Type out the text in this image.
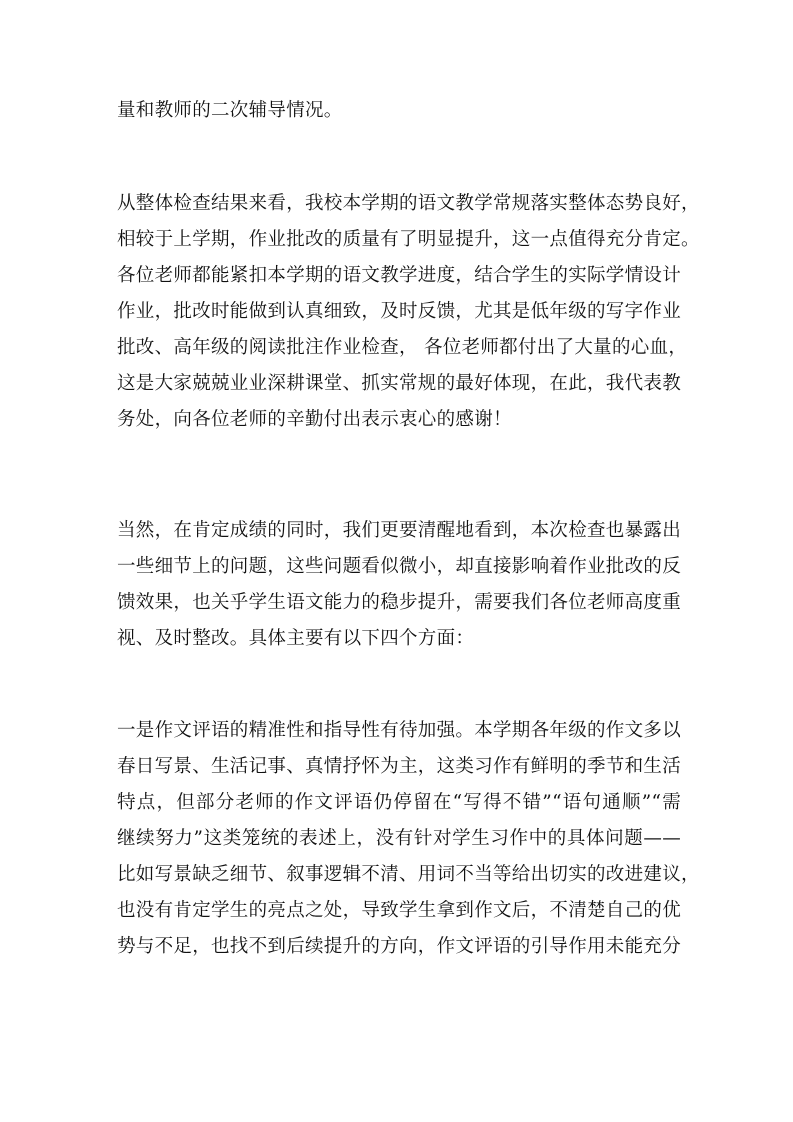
量和教师的二次辅导情况。
从整体检查结果来看，我校本学期的语文教学常规落实整体态势良好，
相较于上学期，作业批改的质量有了明显提升，这一点值得充分肯定。
各位老师都能紧扣本学期的语文教学进度，结合学生的实际学情设计
作业，批改时能做到认真细致，及时反馈，尤其是低年级的写字作业
批改、高年级的阅读批注作业检查， 各位老师都付出了大量的心血，
这是大家兢兢业业深耕课堂、抓实常规的最好体现，在此，我代表教
务处，向各位老师的辛勤付出表示衷心的感谢！
当然，在肯定成绩的同时，我们更要清醒地看到，本次检查也暴露出
一些细节上的问题，这些问题看似微小，却直接影响着作业批改的反
馈效果，也关乎学生语文能力的稳步提升，需要我们各位老师高度重
视、及时整改。具体主要有以下四个方面：
一是作文评语的精准性和指导性有待加强。本学期各年级的作文多以
春日写景、生活记事、真情抒怀为主，这类习作有鲜明的季节和生活
特点，但部分老师的作文评语仍停留在“写得不错”“语句通顺”“需
继续努力”这类笼统的表述上，没有针对学生习作中的具体问题——
比如写景缺乏细节、叙事逻辑不清、用词不当等给出切实的改进建议，
也没有肯定学生的亮点之处，导致学生拿到作文后，不清楚自己的优
势与不足，也找不到后续提升的方向，作文评语的引导作用未能充分
